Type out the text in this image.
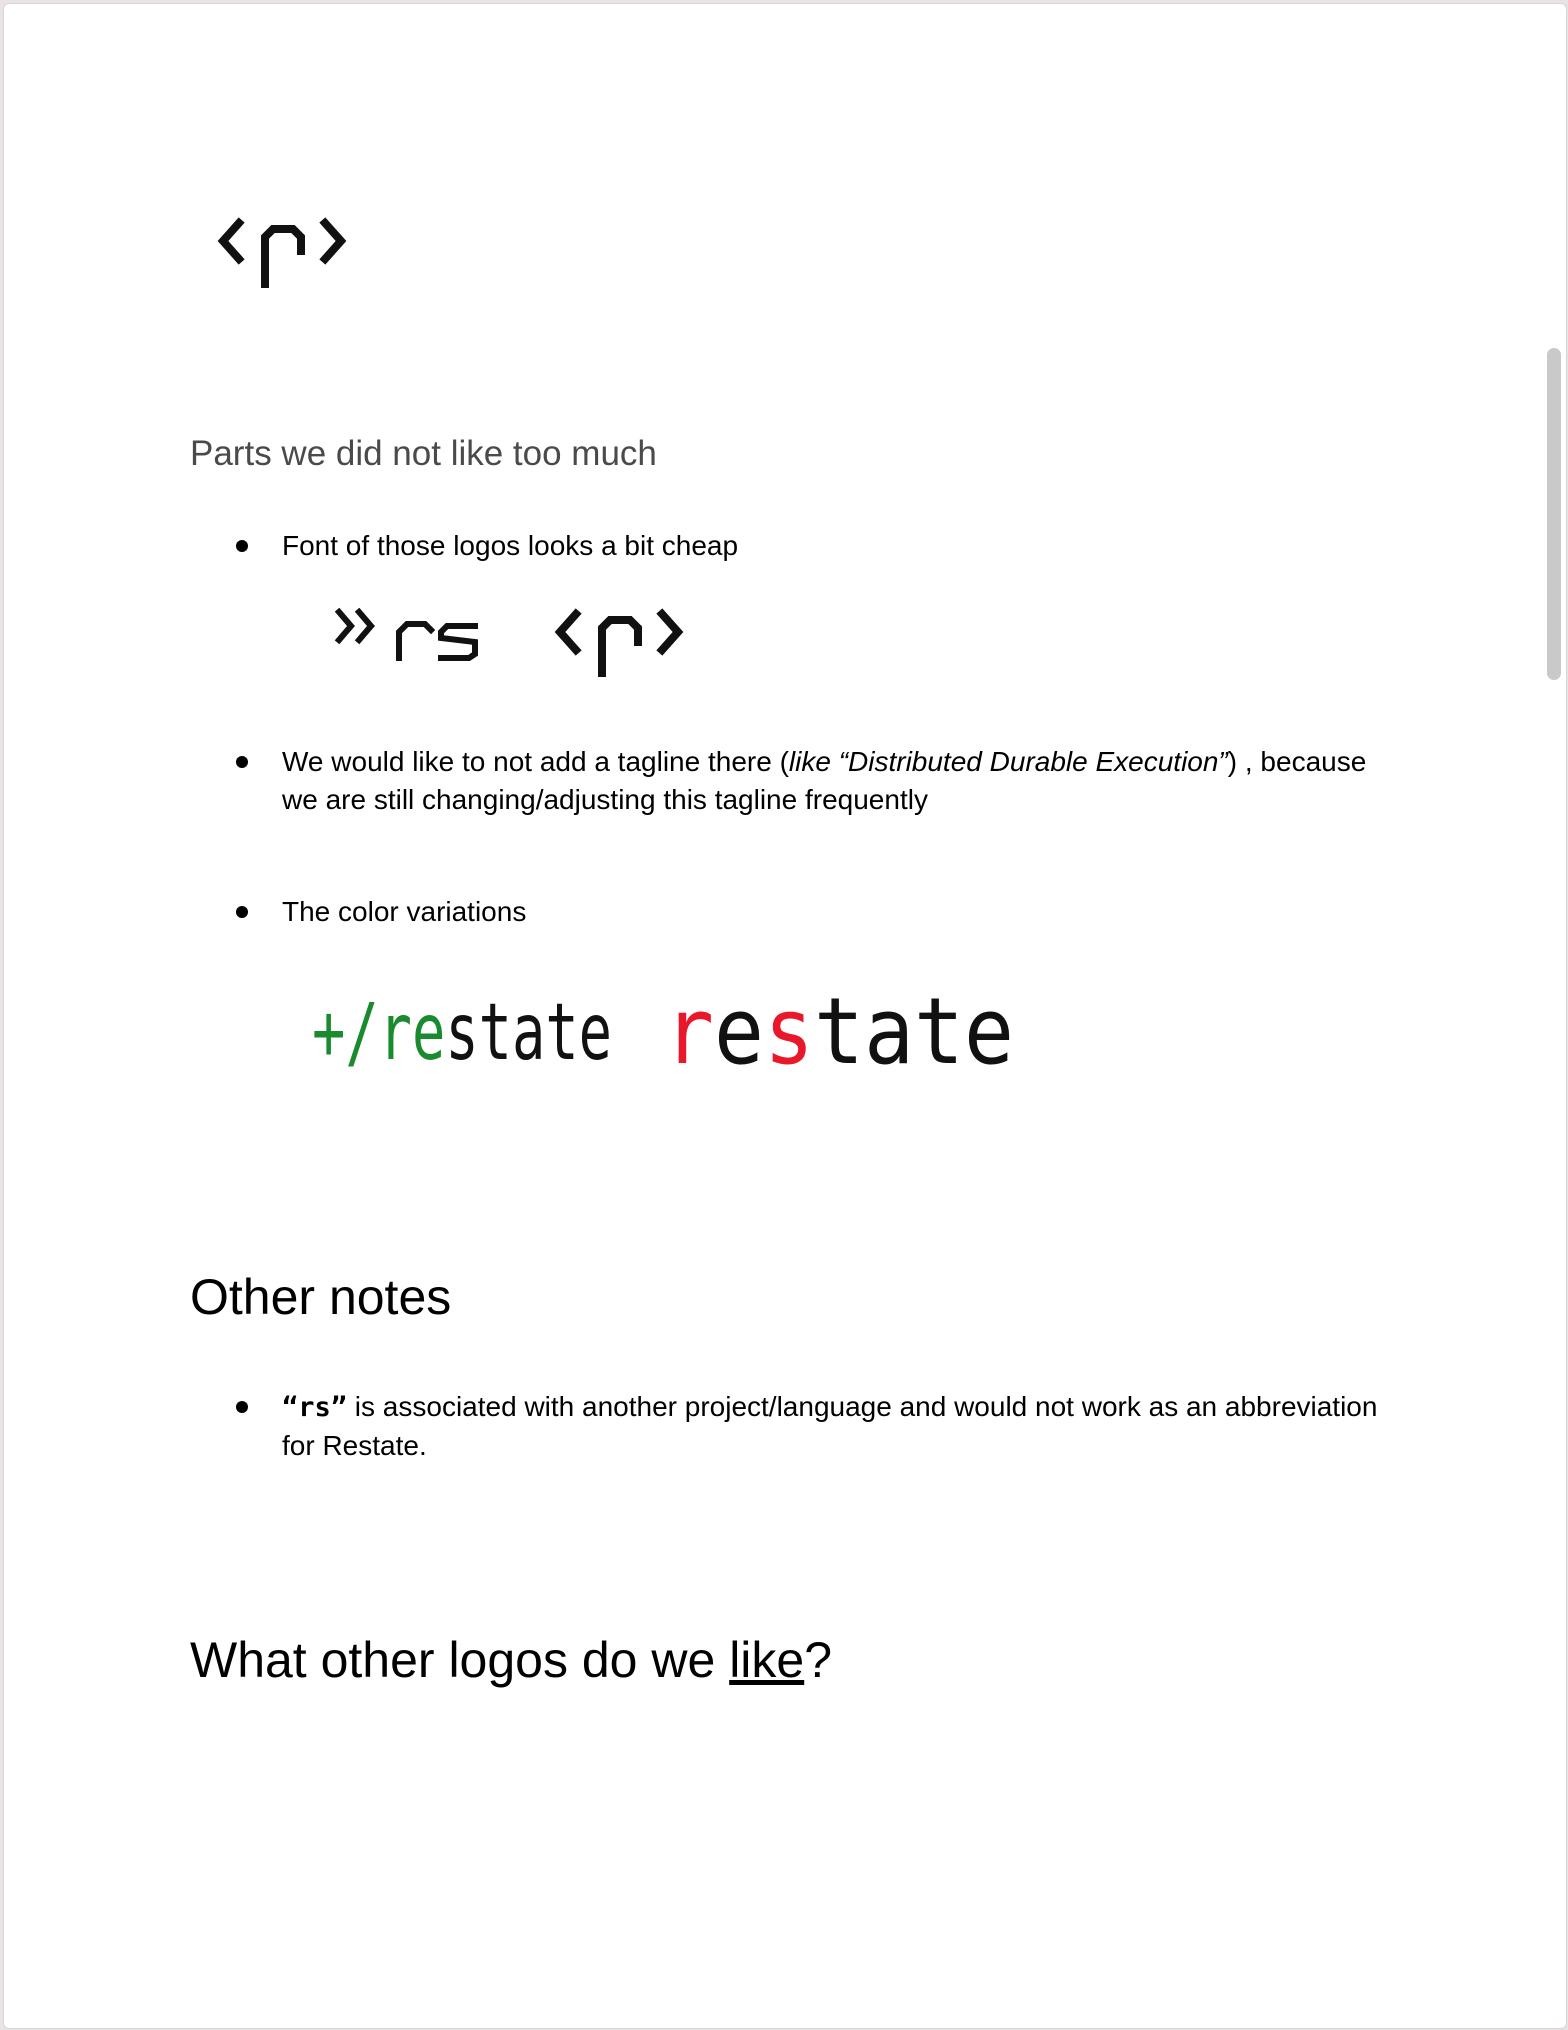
<r>
Parts we did not like too much
Font of those logos looks a bit cheap
>>rs
<r>
We would like to not add a tagline there (like “Distributed Durable Execution”) , because
we are still changing/adjusting this tagline frequently
The color variations
+/restate
restate
Other notes
“rs” is associated with another project/language and would not work as an abbreviation
for Restate.
What other logos do we like?
